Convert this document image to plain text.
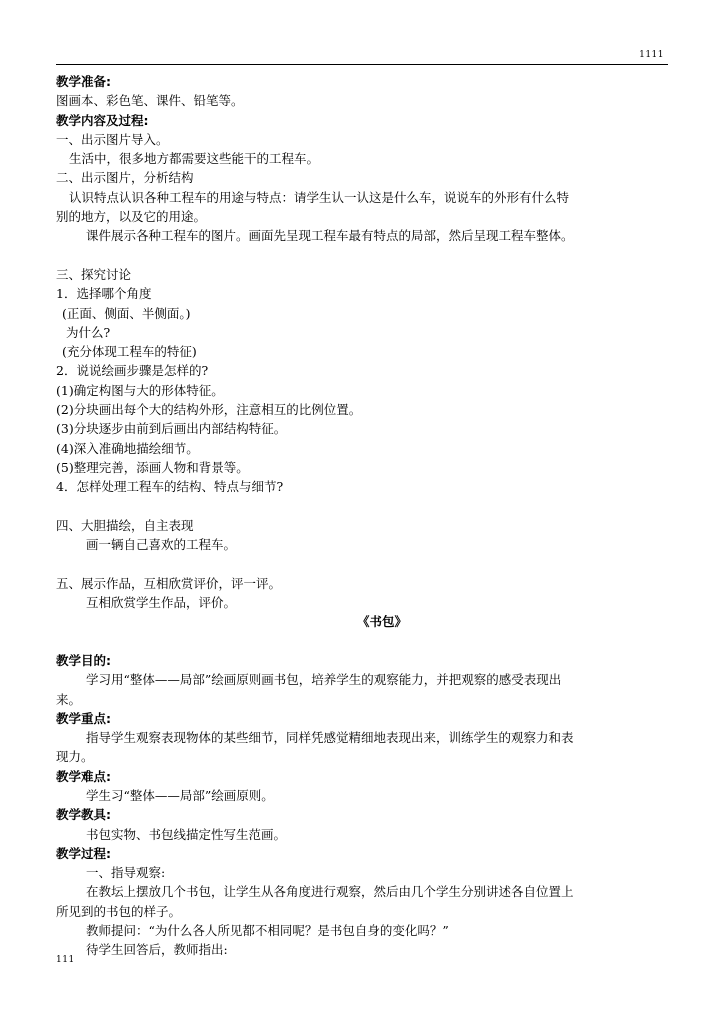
1111
教学准备:
图画本、彩色笔、课件、铅笔等。
教学内容及过程:
一、出示图片导入。
生活中，很多地方都需要这些能干的工程车。
二、出示图片，分析结构
认识特点认识各种工程车的用途与特点：请学生认一认这是什么车，说说车的外形有什么特
别的地方，以及它的用途。
课件展示各种工程车的图片。画面先呈现工程车最有特点的局部，然后呈现工程车整体。
三、探究讨论
1．选择哪个角度
(正面、侧面、半侧面。)
为什么?
(充分体现工程车的特征)
2．说说绘画步骤是怎样的?
(1)确定构图与大的形体特征。
(2)分块画出每个大的结构外形，注意相互的比例位置。
(3)分块逐步由前到后画出内部结构特征。
(4)深入准确地描绘细节。
(5)整理完善，添画人物和背景等。
4．怎样处理工程车的结构、特点与细节?
四、大胆描绘，自主表现
画一辆自己喜欢的工程车。
五、展示作品，互相欣赏评价，评一评。
互相欣赏学生作品，评价。
《书包》
教学目的:
学习用“整体——局部”绘画原则画书包，培养学生的观察能力，并把观察的感受表现出
来。
教学重点:
指导学生观察表现物体的某些细节，同样凭感觉精细地表现出来，训练学生的观察力和表
现力。
教学难点:
学生习“整体——局部”绘画原则。
教学教具:
书包实物、书包线描定性写生范画。
教学过程:
一、指导观察:
在教坛上摆放几个书包，让学生从各角度进行观察，然后由几个学生分别讲述各自位置上
所见到的书包的样子。
教师提问：“为什么各人所见都不相同呢？是书包自身的变化吗？”
待学生回答后，教师指出:
111
